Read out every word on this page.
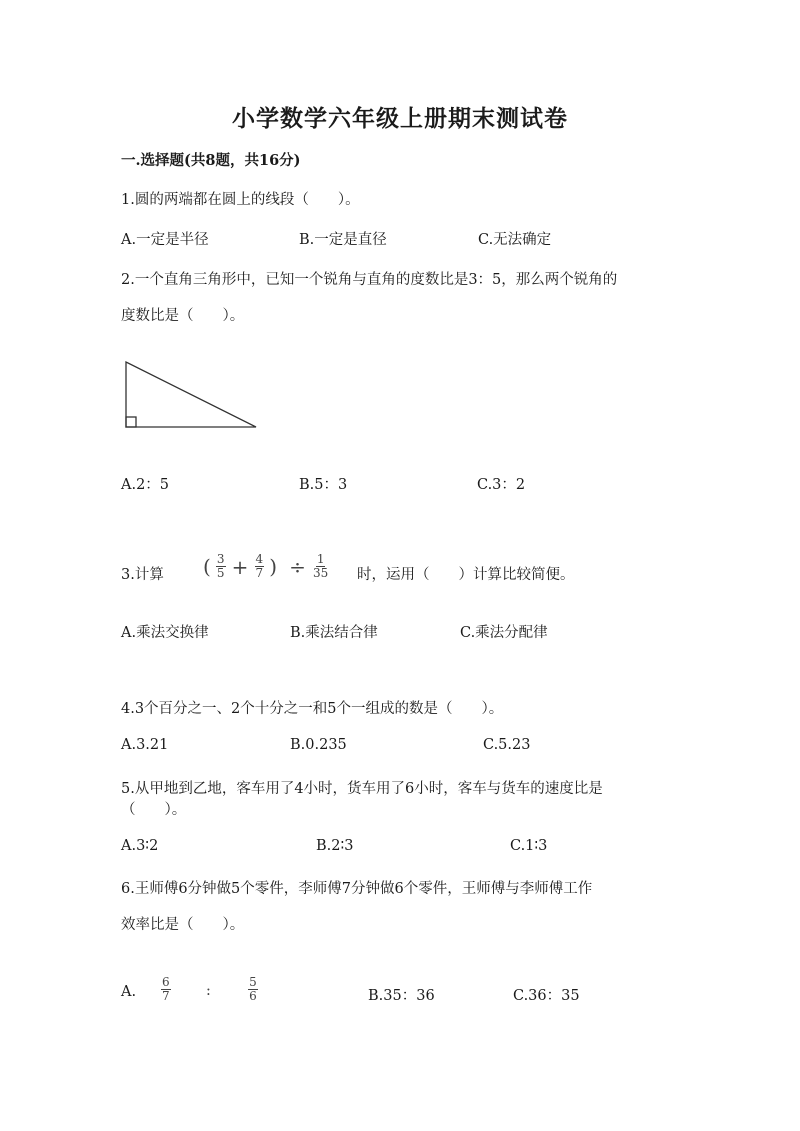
小学数学六年级上册期末测试卷
一.选择题(共8题，共16分)
1.圆的两端都在圆上的线段（　　）。
A.一定是半径	B.一定是直径	C.无法确定
2.一个直角三角形中，已知一个锐角与直角的度数比是3：5，那么两个锐角的
度数比是（　　）。
A.2：5	B.5：3	C.3：2
3.计算 ( $\frac{3}{5} + \frac{4}{7}$ ) ÷ $\frac{1}{35}$ 时，运用（　　）计算比较简便。
A.乘法交换律	B.乘法结合律	C.乘法分配律
4.3个百分之一、2个十分之一和5个一组成的数是（　　）。
A.3.21	B.0.235	C.5.23
5.从甲地到乙地，客车用了4小时，货车用了6小时，客车与货车的速度比是
（　　）。
A.3∶2	B.2∶3	C.1∶3
6.王师傅6分钟做5个零件，李师傅7分钟做6个零件，王师傅与李师傅工作
效率比是（　　）。
A. $\frac{6}{7}$ :	$\frac{5}{6}$	B.35：36	C.36：35
